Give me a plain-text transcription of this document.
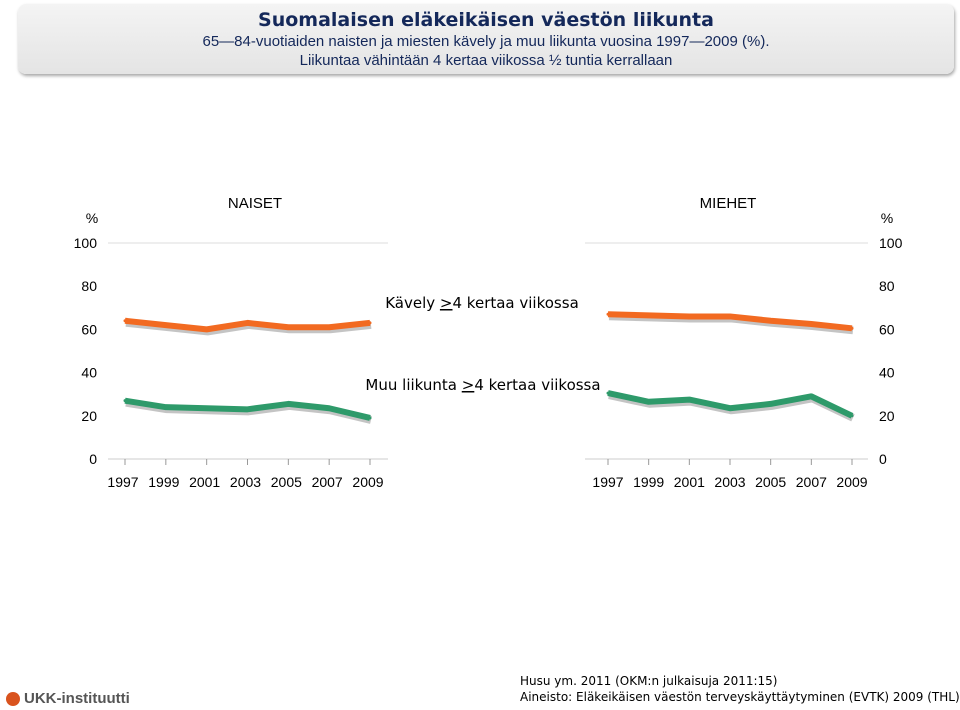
Suomalaisen eläkeikäisen väestön liikunta
65—84-vuotiaiden naisten ja miesten kävely ja muu liikunta vuosina 1997—2009 (%).
Liikuntaa vähintään 4 kertaa viikossa ½ tuntia kerrallaan
NAISET
%
0
20
40
60
80
100
1997 1999 2001 2003 2005 2007 2009
MIEHET
%
0
20
40
60
80
100
1997 1999 2001 2003 2005 2007 2009
Kävely >4 kertaa viikossa
Muu liikunta >4 kertaa viikossa
Husu ym. 2011 (OKM:n julkaisuja 2011:15)
Aineisto: Eläkeikäisen väestön terveyskäyttäytyminen (EVTK) 2009 (THL)
UKK-instituutti
